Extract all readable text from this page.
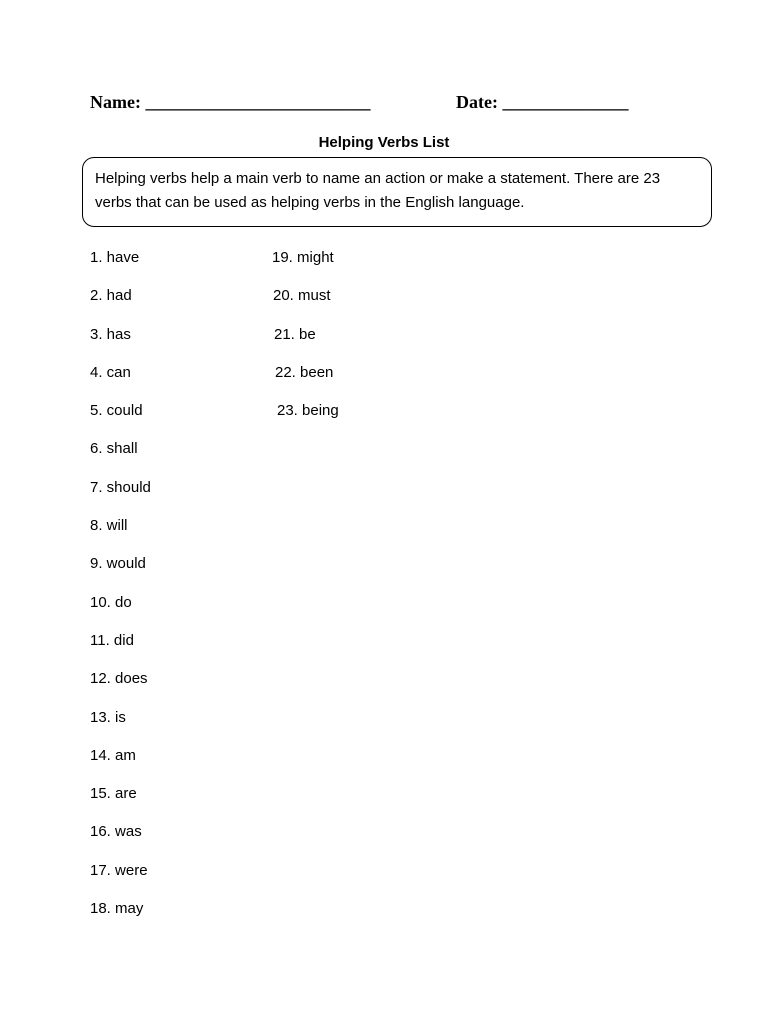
Name: _________________________	Date: ______________
Helping Verbs List
Helping verbs help a main verb to name an action or make a statement. There are 23 verbs that can be used as helping verbs in the English language.
1. have
2. had
3. has
4. can
5. could
6. shall
7. should
8. will
9. would
10. do
11. did
12. does
13. is
14. am
15. are
16. was
17. were
18. may
19. might
20. must
21. be
22. been
23. being
